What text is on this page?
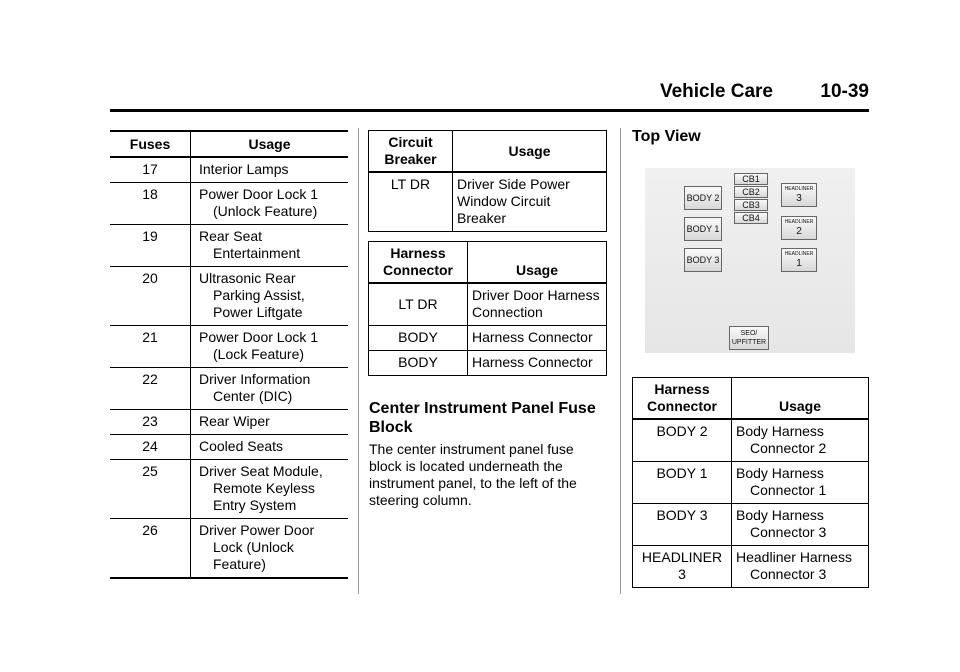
Vehicle Care 10-39
Fuses	Usage
17	Interior Lamps

18	Power Door Lock 1 (Unlock Feature)

19	Rear Seat Entertainment

20	Ultrasonic Rear Parking Assist, Power Liftgate

21	Power Door Lock 1 (Lock Feature)

22	Driver Information Center (DIC)

23	Rear Wiper

24	Cooled Seats

25	Driver Seat Module, Remote Keyless Entry System

26	Driver Power Door Lock (Unlock Feature)
Circuit Breaker	Usage
LT DR	Driver Side Power Window Circuit Breaker
Harness Connector	Usage
LT DR	Driver Door Harness Connection
BODY	Harness Connector
BODY	Harness Connector
Center Instrument Panel Fuse Block
The center instrument panel fuse block is located underneath the instrument panel, to the left of the steering column.
Top View
BODY 2
BODY 1
BODY 3
CB1
CB2
CB3
CB4
HEADLINER
3
HEADLINER
2
HEADLINER
1
SEO/ UPFITTER
Harness Connector	Usage
BODY 2	Body Harness Connector 2

BODY 1	Body Harness Connector 1

BODY 3	Body Harness Connector 3

HEADLINER 3	Headliner Harness Connector 3
